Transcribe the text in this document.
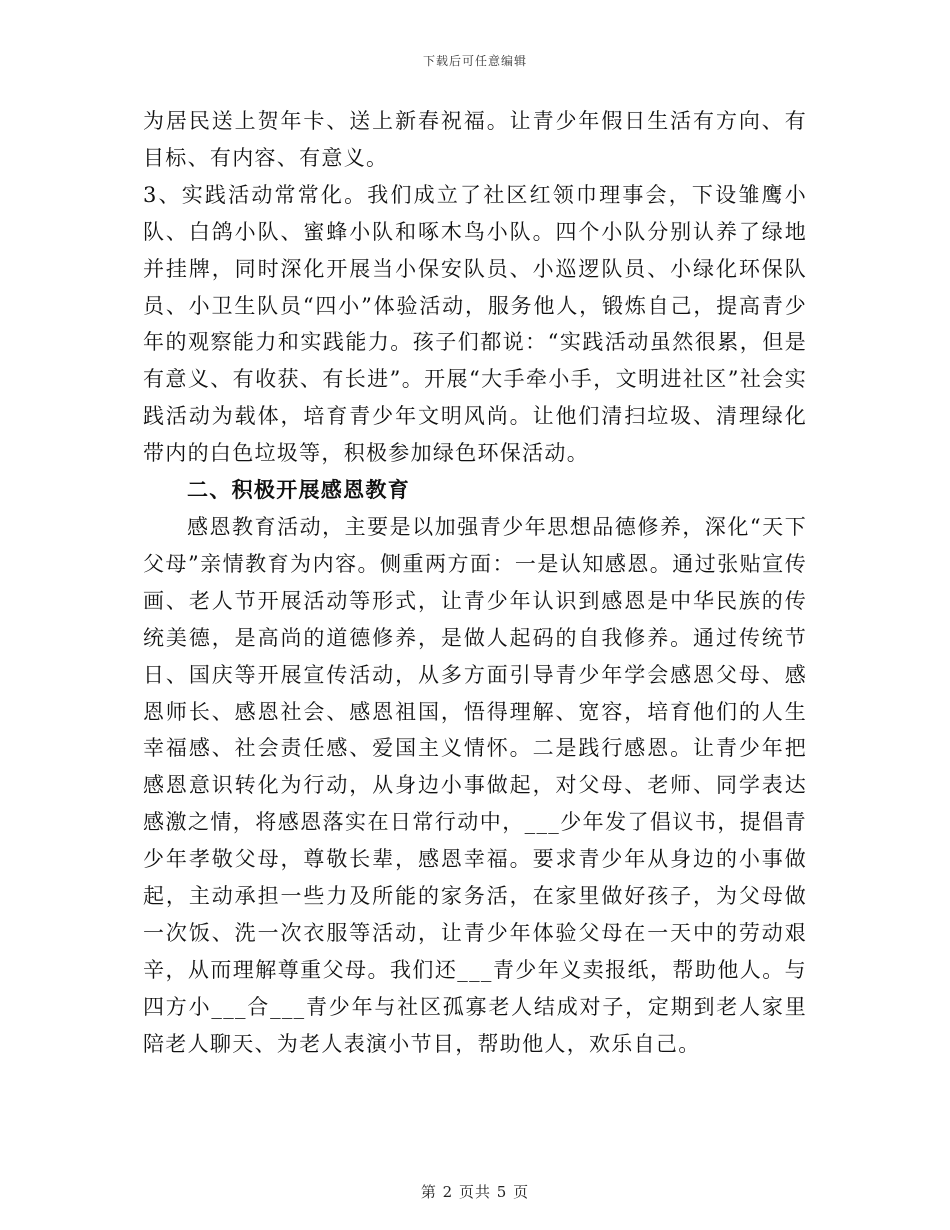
下载后可任意编辑

为居民送上贺年卡、送上新春祝福。让青少年假日生活有方向、有目标、有内容、有意义。

3、实践活动常常化。我们成立了社区红领巾理事会，下设雏鹰小队、白鸽小队、蜜蜂小队和啄木鸟小队。四个小队分别认养了绿地并挂牌，同时深化开展当小保安队员、小巡逻队员、小绿化环保队员、小卫生队员“四小”体验活动，服务他人，锻炼自己，提高青少年的观察能力和实践能力。孩子们都说：“实践活动虽然很累，但是有意义、有收获、有长进”。开展“大手牵小手，文明进社区”社会实践活动为载体，培育青少年文明风尚。让他们清扫垃圾、清理绿化带内的白色垃圾等，积极参加绿色环保活动。

二、积极开展感恩教育

感恩教育活动，主要是以加强青少年思想品德修养，深化“天下父母”亲情教育为内容。侧重两方面：一是认知感恩。通过张贴宣传画、老人节开展活动等形式，让青少年认识到感恩是中华民族的传统美德，是高尚的道德修养，是做人起码的自我修养。通过传统节日、国庆等开展宣传活动，从多方面引导青少年学会感恩父母、感恩师长、感恩社会、感恩祖国，悟得理解、宽容，培育他们的人生幸福感、社会责任感、爱国主义情怀。二是践行感恩。让青少年把感恩意识转化为行动，从身边小事做起，对父母、老师、同学表达感激之情，将感恩落实在日常行动中，___少年发了倡议书，提倡青少年孝敬父母，尊敬长辈，感恩幸福。要求青少年从身边的小事做起，主动承担一些力及所能的家务活，在家里做好孩子，为父母做一次饭、洗一次衣服等活动，让青少年体验父母在一天中的劳动艰辛，从而理解尊重父母。我们还___青少年义卖报纸，帮助他人。与四方小___合___青少年与社区孤寡老人结成对子，定期到老人家里陪老人聊天、为老人表演小节目，帮助他人，欢乐自己。

第 2 页共 5 页
